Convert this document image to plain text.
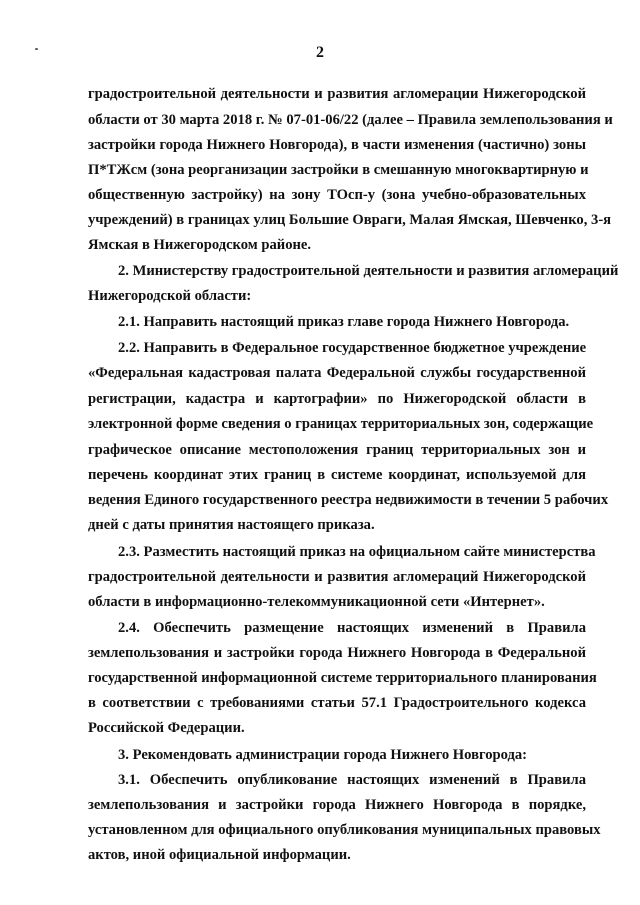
2
градостроительной деятельности и развития агломерации Нижегородской
области от 30 марта 2018 г. № 07-01-06/22 (далее – Правила землепользования и
застройки города Нижнего Новгорода), в части изменения (частично) зоны
П*ТЖсм (зона реорганизации застройки в смешанную многоквартирную и
общественную застройку) на зону ТОсп-у (зона учебно-образовательных
учреждений) в границах улиц Большие Овраги, Малая Ямская, Шевченко, 3-я
Ямская в Нижегородском районе.
2. Министерству градостроительной деятельности и развития агломераций
Нижегородской области:
2.1. Направить настоящий приказ главе города Нижнего Новгорода.
2.2. Направить в Федеральное государственное бюджетное учреждение
«Федеральная кадастровая палата Федеральной службы государственной
регистрации, кадастра и картографии» по Нижегородской области в
электронной форме сведения о границах территориальных зон, содержащие
графическое описание местоположения границ территориальных зон и
перечень координат этих границ в системе координат, используемой для
ведения Единого государственного реестра недвижимости в течении 5 рабочих
дней с даты принятия настоящего приказа.
2.3. Разместить настоящий приказ на официальном сайте министерства
градостроительной деятельности и развития агломераций Нижегородской
области в информационно-телекоммуникационной сети «Интернет».
2.4. Обеспечить размещение настоящих изменений в Правила
землепользования и застройки города Нижнего Новгорода в Федеральной
государственной информационной системе территориального планирования
в соответствии с требованиями статьи 57.1 Градостроительного кодекса
Российской Федерации.
3. Рекомендовать администрации города Нижнего Новгорода:
3.1. Обеспечить опубликование настоящих изменений в Правила
землепользования и застройки города Нижнего Новгорода в порядке,
установленном для официального опубликования муниципальных правовых
актов, иной официальной информации.
